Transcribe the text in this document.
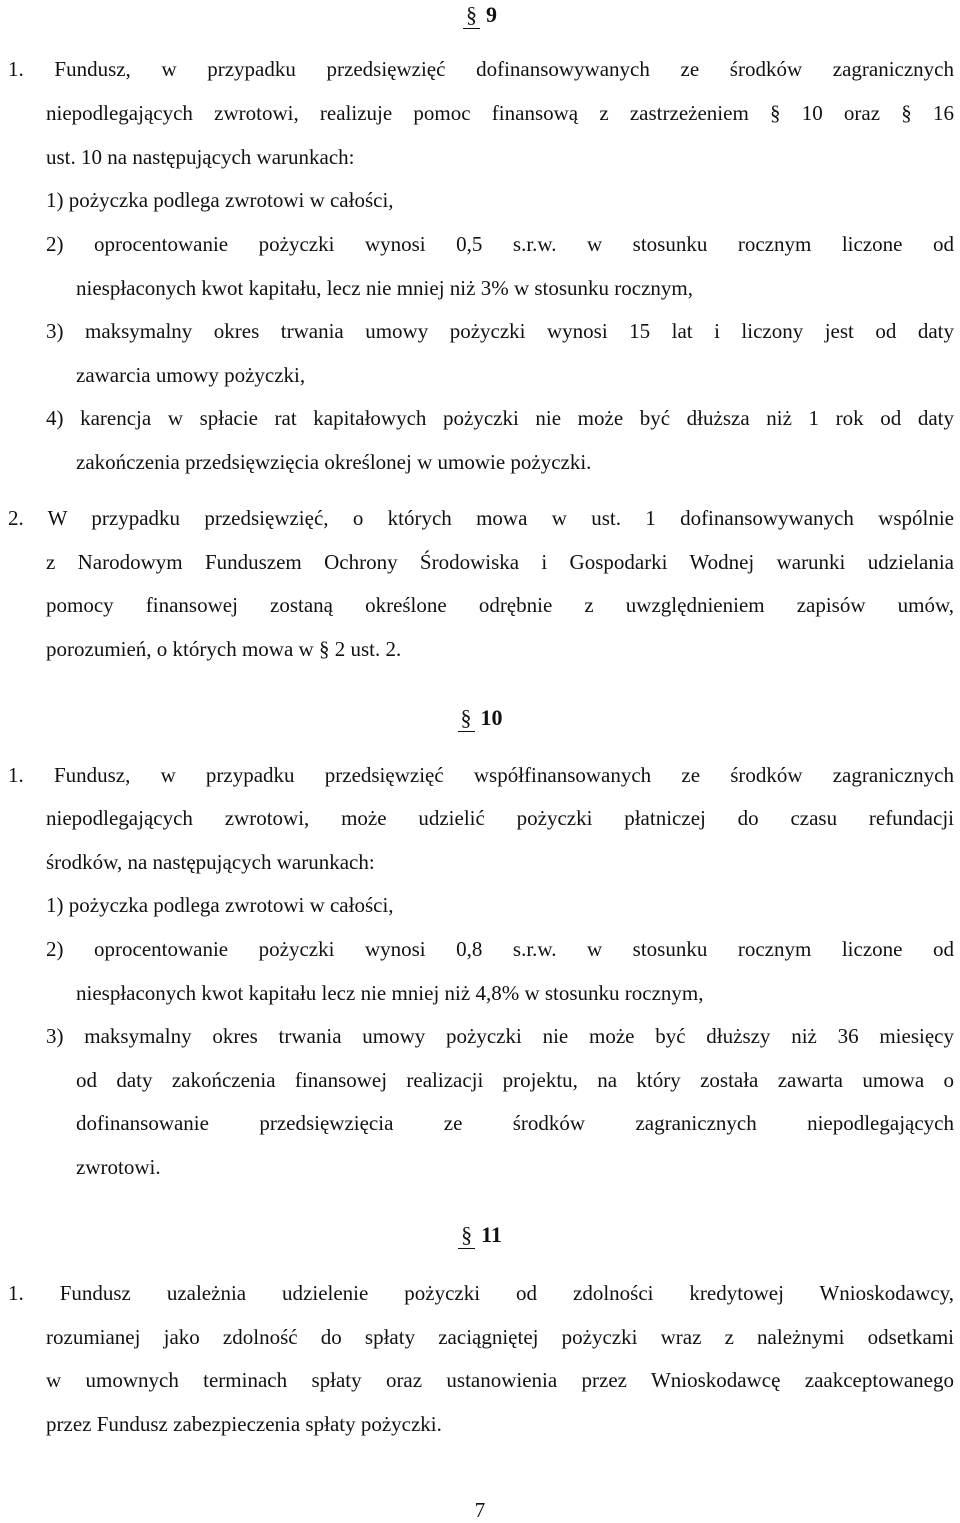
§ 9
1. Fundusz, w przypadku przedsięwzięć dofinansowywanych ze środków zagranicznych
niepodlegających zwrotowi, realizuje pomoc finansową z zastrzeżeniem § 10 oraz § 16
ust. 10 na następujących warunkach:
1) pożyczka podlega zwrotowi w całości,
2) oprocentowanie pożyczki wynosi 0,5 s.r.w. w stosunku rocznym liczone od
niespłaconych kwot kapitału, lecz nie mniej niż 3% w stosunku rocznym,
3) maksymalny okres trwania umowy pożyczki wynosi 15 lat i liczony jest od daty
zawarcia umowy pożyczki,
4) karencja w spłacie rat kapitałowych pożyczki nie może być dłuższa niż 1 rok od daty
zakończenia przedsięwzięcia określonej w umowie pożyczki.
2. W przypadku przedsięwzięć, o których mowa w ust. 1 dofinansowywanych wspólnie
z Narodowym Funduszem Ochrony Środowiska i Gospodarki Wodnej warunki udzielania
pomocy finansowej zostaną określone odrębnie z uwzględnieniem zapisów umów,
porozumień, o których mowa w § 2 ust. 2.
§ 10
1. Fundusz, w przypadku przedsięwzięć współfinansowanych ze środków zagranicznych
niepodlegających zwrotowi, może udzielić pożyczki płatniczej do czasu refundacji
środków, na następujących warunkach:
1) pożyczka podlega zwrotowi w całości,
2) oprocentowanie pożyczki wynosi 0,8 s.r.w. w stosunku rocznym liczone od
niespłaconych kwot kapitału lecz nie mniej niż 4,8% w stosunku rocznym,
3) maksymalny okres trwania umowy pożyczki nie może być dłuższy niż 36 miesięcy
od daty zakończenia finansowej realizacji projektu, na który została zawarta umowa o
dofinansowanie przedsięwzięcia ze środków zagranicznych niepodlegających
zwrotowi.
§ 11
1. Fundusz uzależnia udzielenie pożyczki od zdolności kredytowej Wnioskodawcy,
rozumianej jako zdolność do spłaty zaciągniętej pożyczki wraz z należnymi odsetkami
w umownych terminach spłaty oraz ustanowienia przez Wnioskodawcę zaakceptowanego
przez Fundusz zabezpieczenia spłaty pożyczki.
7
